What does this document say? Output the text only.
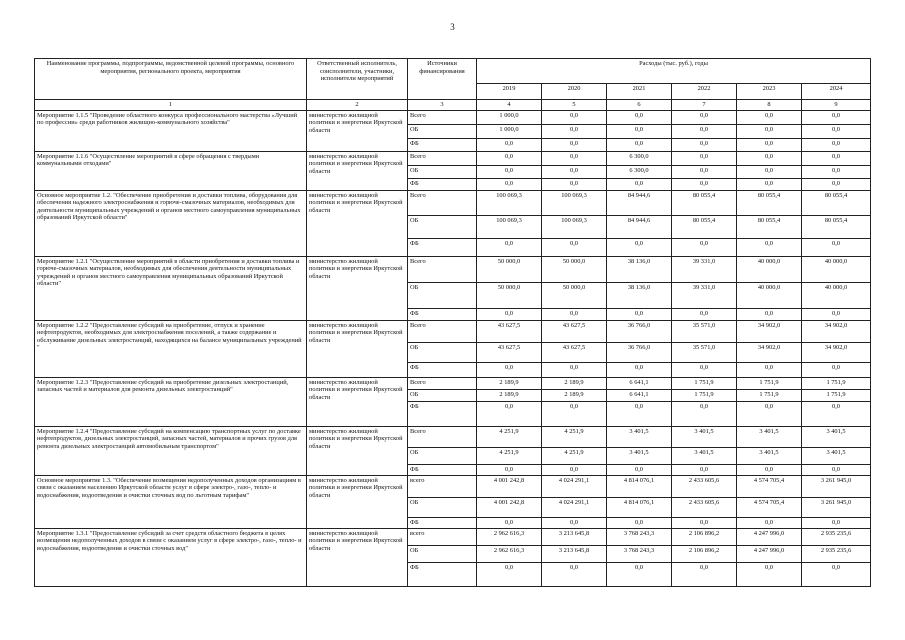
3
Наименование программы, подпрограммы, ведомственной целевой программы, основного мероприятия, регионального проекта, мероприятия	Ответственный исполнитель, соисполнители, участники, исполнители мероприятий	Источники финансирования	Расходы (тыс. руб.), годы					
			2019	2020	2021	2022	2023	2024
1	2	3	4	5	6	7	8	9
Мероприятие 1.1.5 "Проведение областного конкурса профессионального мастерства «Лучший по профессии» среди работников жилищно-коммунального хозяйства"	министерство жилищной политики и энергетики Иркутской области	Всего	1 000,0	0,0	0,0	0,0	0,0	0,0
		ОБ	1 000,0	0,0	0,0	0,0	0,0	0,0
		ФБ	0,0	0,0	0,0	0,0	0,0	0,0
Мероприятие 1.1.6 "Осуществление мероприятий в сфере обращения с твердыми коммунальными отходами"	министерство жилищной политики и энергетики Иркутской области	Всего	0,0	0,0	6 300,0	0,0	0,0	0,0
		ОБ	0,0	0,0	6 300,0	0,0	0,0	0,0
		ФБ	0,0	0,0	0,0	0,0	0,0	0,0
Основное мероприятие 1.2. "Обеспечение приобретения и доставки топлива, оборудования для обеспечения надежного электроснабжения и горюче-смазочных материалов, необходимых для деятельности муниципальных учреждений и органов местного самоуправления муниципальных образований Иркутской области"	министерство жилищной политики и энергетики Иркутской области	Всего	100 069,3	100 069,3	84 944,6	80 055,4	80 055,4	80 055,4
		ОБ	100 069,3	100 069,3	84 944,6	80 055,4	80 055,4	80 055,4
		ФБ	0,0	0,0	0,0	0,0	0,0	0,0
Мероприятие 1.2.1 "Осуществление мероприятий в области приобретения и доставки топлива и горюче-смазочных материалов, необходимых для обеспечения деятельности муниципальных учреждений и органов местного самоуправления муниципальных образований Иркутской области"	министерство жилищной политики и энергетики Иркутской области	Всего	50 000,0	50 000,0	38 136,0	39 331,0	40 000,0	40 000,0
		ОБ	50 000,0	50 000,0	38 136,0	39 331,0	40 000,0	40 000,0
		ФБ	0,0	0,0	0,0	0,0	0,0	0,0
Мероприятие 1.2.2 "Предоставление субсидий на приобретение, отпуск и хранение нефтепродуктов, необходимых для электроснабжения поселений, а также содержание и обслуживание дизельных электростанций, находящихся на балансе муниципальных учреждений "	министерство жилищной политики и энергетики Иркутской области	Всего	43 627,5	43 627,5	36 766,0	35 571,0	34 902,0	34 902,0
		ОБ	43 627,5	43 627,5	36 766,0	35 571,0	34 902,0	34 902,0
		ФБ	0,0	0,0	0,0	0,0	0,0	0,0
Мероприятие 1.2.3 "Предоставление субсидий на приобретение дизельных электростанций, запасных частей и материалов для ремонта дизельных электростанций"	министерство жилищной политики и энергетики Иркутской области	Всего	2 189,9	2 189,9	6 641,1	1 751,9	1 751,9	1 751,9
		ОБ	2 189,9	2 189,9	6 641,1	1 751,9	1 751,9	1 751,9
		ФБ	0,0	0,0	0,0	0,0	0,0	0,0
Мероприятие 1.2.4 "Предоставление субсидий на компенсацию транспортных услуг по доставке нефтепродуктов, дизельных электростанций, запасных частей, материалов и прочих грузов для ремонта дизельных электростанций автомобильным транспортом"	министерство жилищной политики и энергетики Иркутской области	Всего	4 251,9	4 251,9	3 401,5	3 401,5	3 401,5	3 401,5
		ОБ	4 251,9	4 251,9	3 401,5	3 401,5	3 401,5	3 401,5
		ФБ	0,0	0,0	0,0	0,0	0,0	0,0
Основное мероприятие 1.3. "Обеспечение возмещения недополученных доходов организациям в связи с оказанием населению Иркутской области услуг в сфере электро-, газо-, тепло- и водоснабжения, водоотведения и очистки сточных вод по льготным тарифам"	министерство жилищной политики и энергетики Иркутской области	всего	4 001 242,8	4 024 291,1	4 814 076,1	2 433 605,6	4 574 705,4	3 261 945,0
		ОБ	4 001 242,8	4 024 291,1	4 814 076,1	2 433 605,6	4 574 705,4	3 261 945,0
		ФБ	0,0	0,0	0,0	0,0	0,0	0,0
Мероприятие 1.3.1 "Предоставление субсидий за счет средств областного бюджета в целях возмещения недополученных доходов в связи с оказанием услуг в сфере электро-, газо-, тепло- и водоснабжения, водоотведения и очистки сточных вод"	министерство жилищной политики и энергетики Иркутской области	всего	2 962 616,3	3 213 645,8	3 768 243,3	2 106 896,2	4 247 996,0	2 935 235,6
		ОБ	2 962 616,3	3 213 645,8	3 768 243,3	2 106 896,2	4 247 996,0	2 935 235,6
		ФБ	0,0	0,0	0,0	0,0	0,0	0,0
